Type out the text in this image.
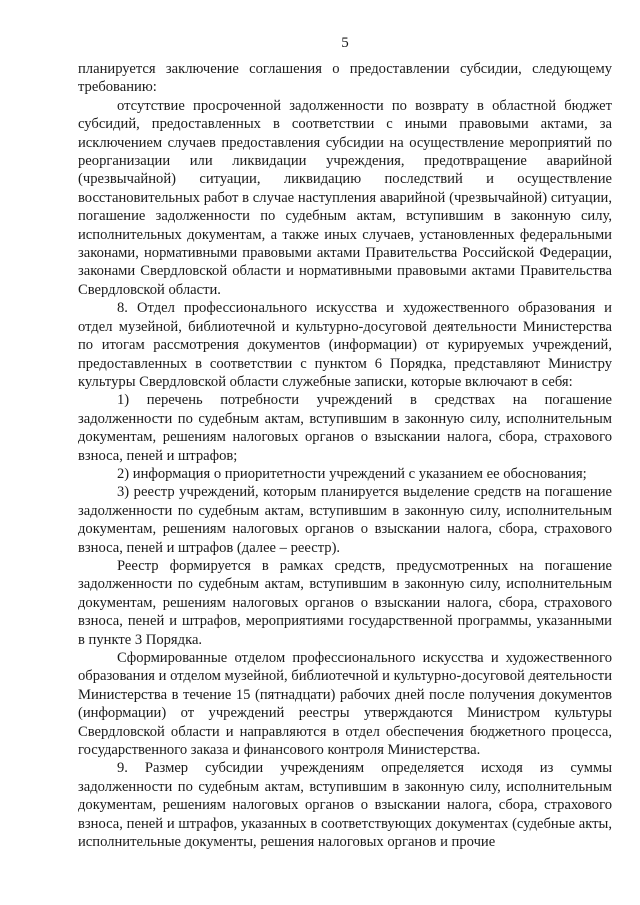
5

планируется заключение соглашения о предоставлении субсидии, следующему требованию:

отсутствие просроченной задолженности по возврату в областной бюджет субсидий, предоставленных в соответствии с иными правовыми актами, за исключением случаев предоставления субсидии на осуществление мероприятий по реорганизации или ликвидации учреждения, предотвращение аварийной (чрезвычайной) ситуации, ликвидацию последствий и осуществление восстановительных работ в случае наступления аварийной (чрезвычайной) ситуации, погашение задолженности по судебным актам, вступившим в законную силу, исполнительных документам, а также иных случаев, установленных федеральными законами, нормативными правовыми актами Правительства Российской Федерации, законами Свердловской области и нормативными правовыми актами Правительства Свердловской области.

8. Отдел профессионального искусства и художественного образования и отдел музейной, библиотечной и культурно-досуговой деятельности Министерства по итогам рассмотрения документов (информации) от курируемых учреждений, предоставленных в соответствии с пунктом 6 Порядка, представляют Министру культуры Свердловской области служебные записки, которые включают в себя:

1) перечень потребности учреждений в средствах на погашение задолженности по судебным актам, вступившим в законную силу, исполнительным документам, решениям налоговых органов о взыскании налога, сбора, страхового взноса, пеней и штрафов;

2) информация о приоритетности учреждений с указанием ее обоснования;

3) реестр учреждений, которым планируется выделение средств на погашение задолженности по судебным актам, вступившим в законную силу, исполнительным документам, решениям налоговых органов о взыскании налога, сбора, страхового взноса, пеней и штрафов (далее – реестр).

Реестр формируется в рамках средств, предусмотренных на погашение задолженности по судебным актам, вступившим в законную силу, исполнительным документам, решениям налоговых органов о взыскании налога, сбора, страхового взноса, пеней и штрафов, мероприятиями государственной программы, указанными в пункте 3 Порядка.

Сформированные отделом профессионального искусства и художественного образования и отделом музейной, библиотечной и культурно-досуговой деятельности Министерства в течение 15 (пятнадцати) рабочих дней после получения документов (информации) от учреждений реестры утверждаются Министром культуры Свердловской области и направляются в отдел обеспечения бюджетного процесса, государственного заказа и финансового контроля Министерства.

9. Размер субсидии учреждениям определяется исходя из суммы задолженности по судебным актам, вступившим в законную силу, исполнительным документам, решениям налоговых органов о взыскании налога, сбора, страхового взноса, пеней и штрафов, указанных в соответствующих документах (судебные акты, исполнительные документы, решения налоговых органов и прочие
